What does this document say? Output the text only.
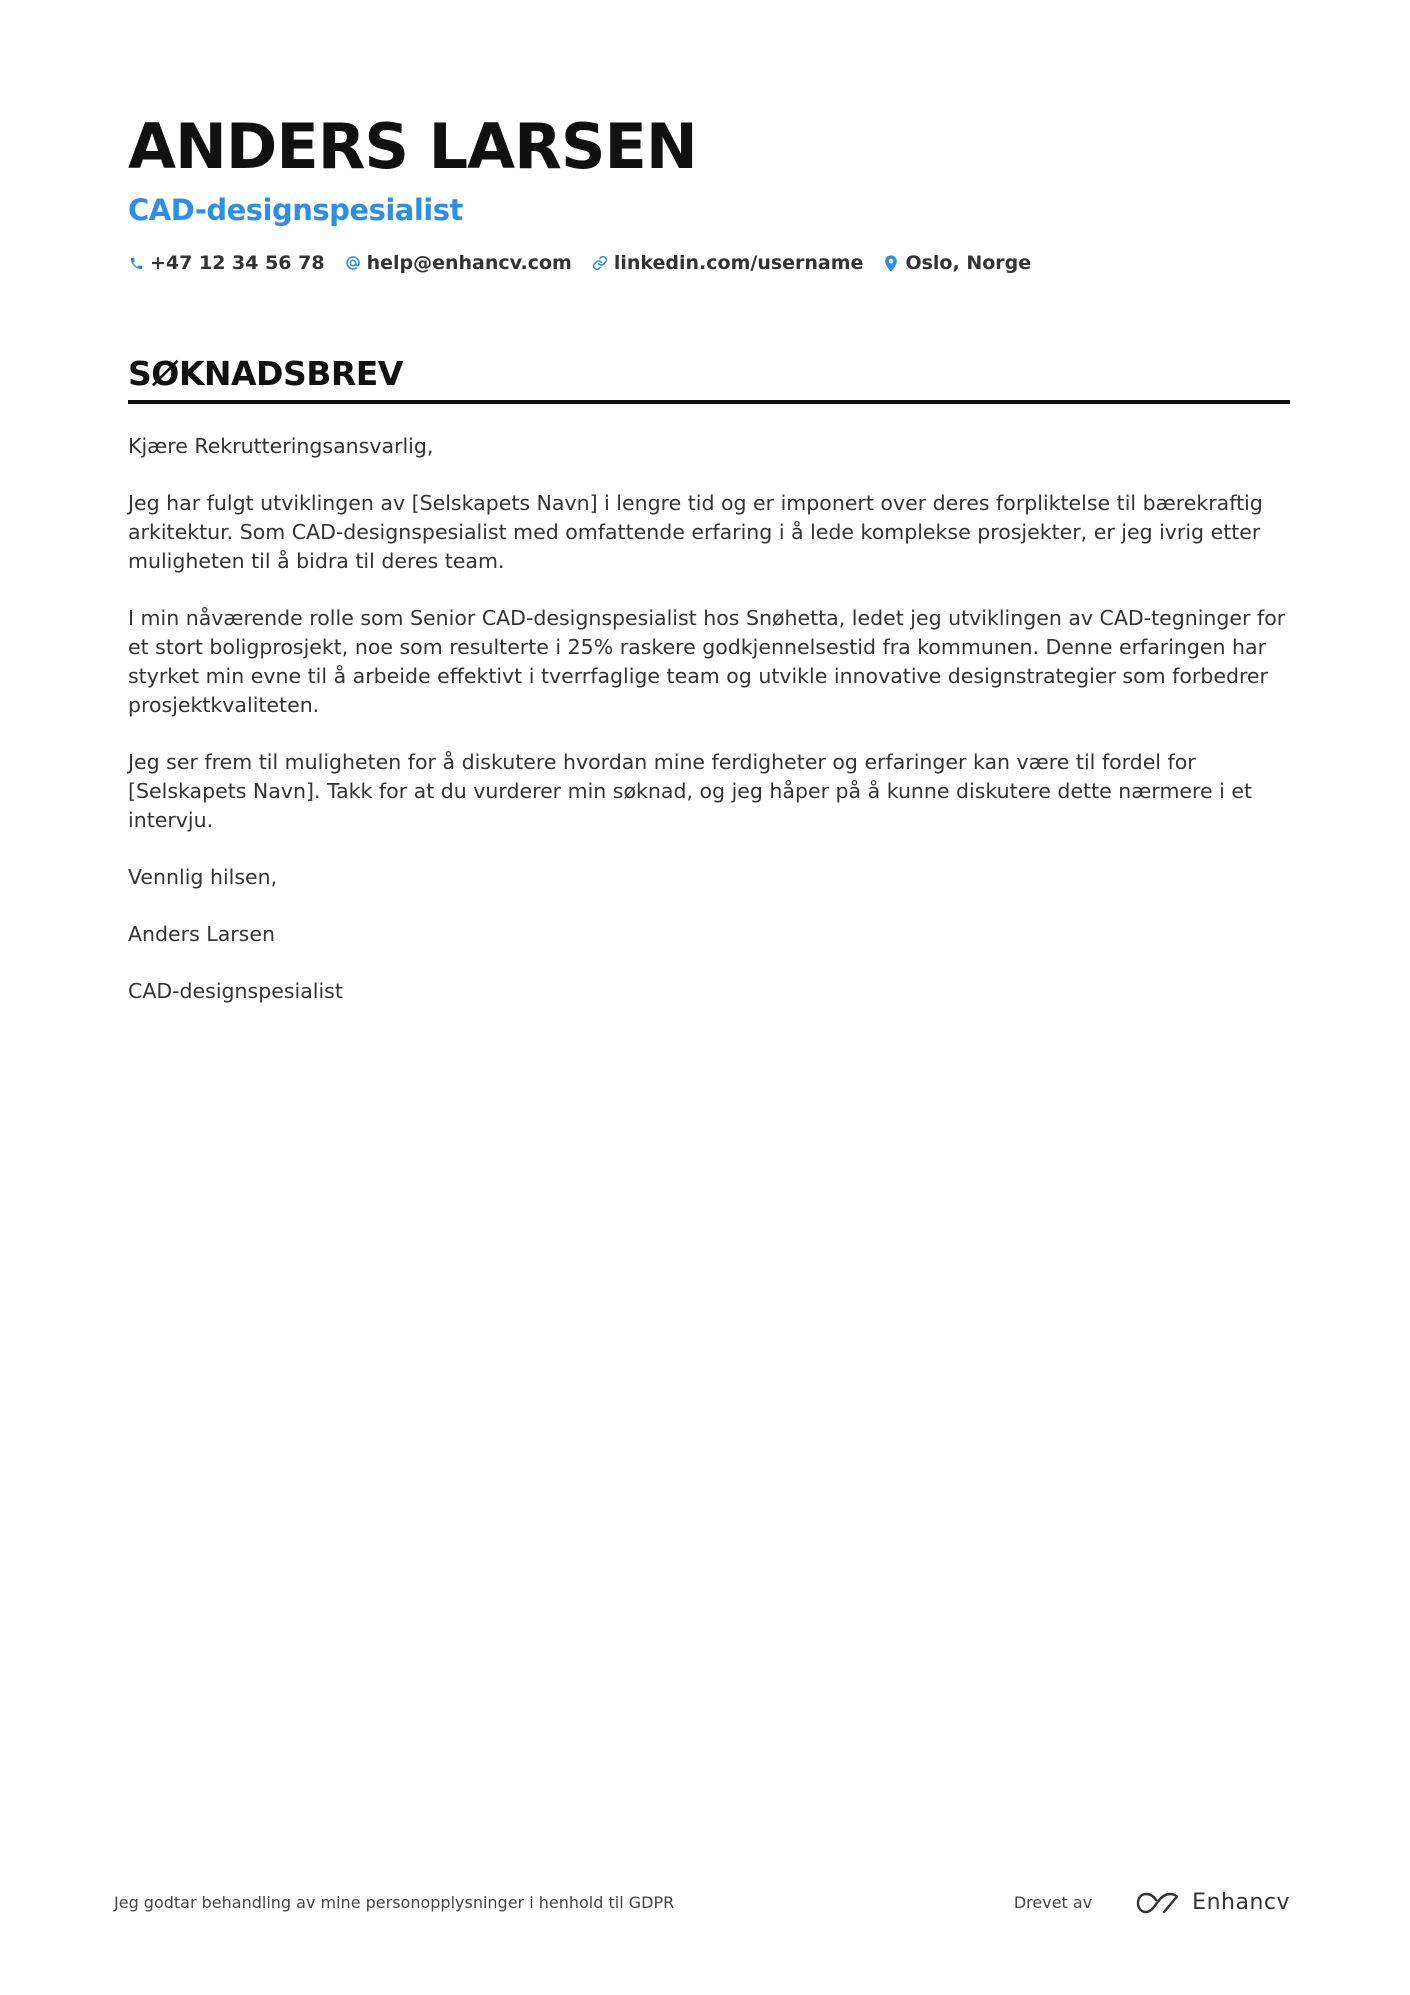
ANDERS LARSEN
CAD-designspesialist
+47 12 34 56 78 help@enhancv.com linkedin.com/username Oslo, Norge
SØKNADSBREV

Kjære Rekrutteringsansvarlig,

Jeg har fulgt utviklingen av [Selskapets Navn] i lengre tid og er imponert over deres forpliktelse til bærekraftig arkitektur. Som CAD-designspesialist med omfattende erfaring i å lede komplekse prosjekter, er jeg ivrig etter muligheten til å bidra til deres team.

I min nåværende rolle som Senior CAD-designspesialist hos Snøhetta, ledet jeg utviklingen av CAD-tegninger for et stort boligprosjekt, noe som resulterte i 25% raskere godkjennelsestid fra kommunen. Denne erfaringen har styrket min evne til å arbeide effektivt i tverrfaglige team og utvikle innovative designstrategier som forbedrer prosjektkvaliteten.

Jeg ser frem til muligheten for å diskutere hvordan mine ferdigheter og erfaringer kan være til fordel for [Selskapets Navn]. Takk for at du vurderer min søknad, og jeg håper på å kunne diskutere dette nærmere i et intervju.

Vennlig hilsen,

Anders Larsen

CAD-designspesialist

Jeg godtar behandling av mine personopplysninger i henhold til GDPR	Drevet av	Enhancv
